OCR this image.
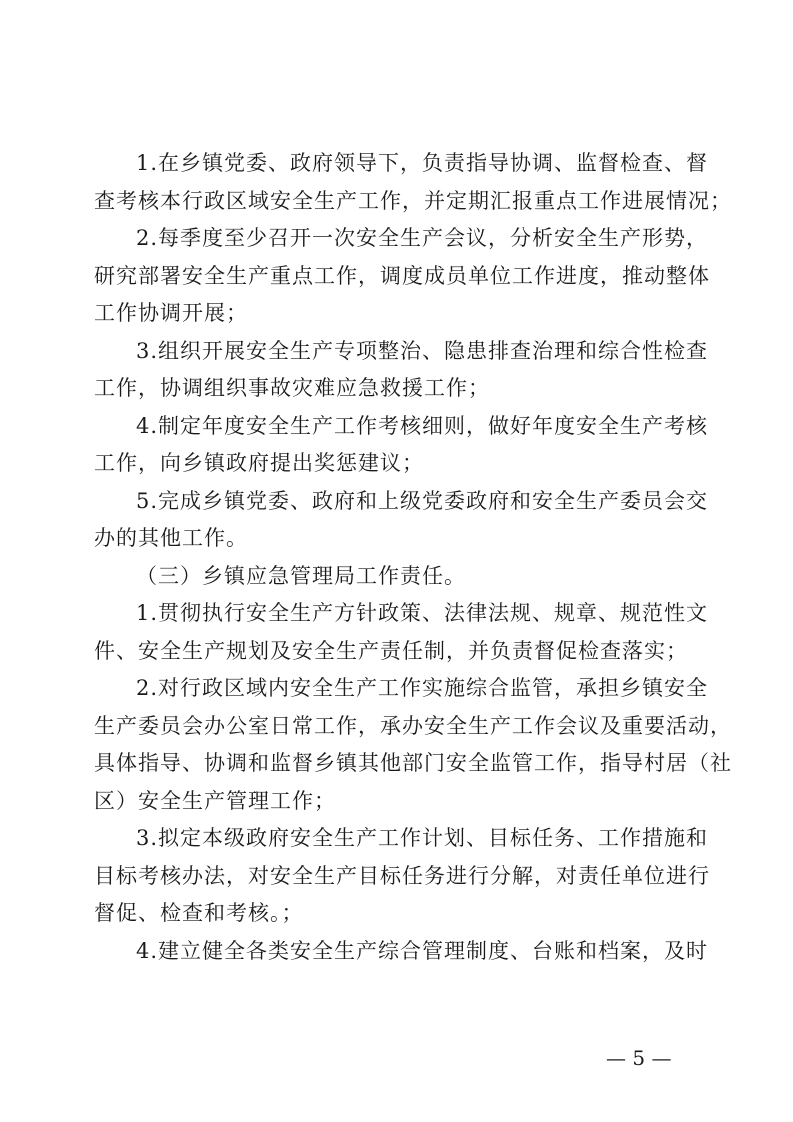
1.在乡镇党委、政府领导下，负责指导协调、监督检查、督
查考核本行政区域安全生产工作，并定期汇报重点工作进展情况；

2.每季度至少召开一次安全生产会议，分析安全生产形势，
研究部署安全生产重点工作，调度成员单位工作进度，推动整体
工作协调开展；

3.组织开展安全生产专项整治、隐患排查治理和综合性检查
工作，协调组织事故灾难应急救援工作；

4.制定年度安全生产工作考核细则，做好年度安全生产考核
工作，向乡镇政府提出奖惩建议；

5.完成乡镇党委、政府和上级党委政府和安全生产委员会交
办的其他工作。

（三）乡镇应急管理局工作责任。

1.贯彻执行安全生产方针政策、法律法规、规章、规范性文
件、安全生产规划及安全生产责任制，并负责督促检查落实；

2.对行政区域内安全生产工作实施综合监管，承担乡镇安全
生产委员会办公室日常工作，承办安全生产工作会议及重要活动，
具体指导、协调和监督乡镇其他部门安全监管工作，指导村居（社
区）安全生产管理工作；

3.拟定本级政府安全生产工作计划、目标任务、工作措施和
目标考核办法，对安全生产目标任务进行分解，对责任单位进行
督促、检查和考核。；

4.建立健全各类安全生产综合管理制度、台账和档案，及时

— 5 —
